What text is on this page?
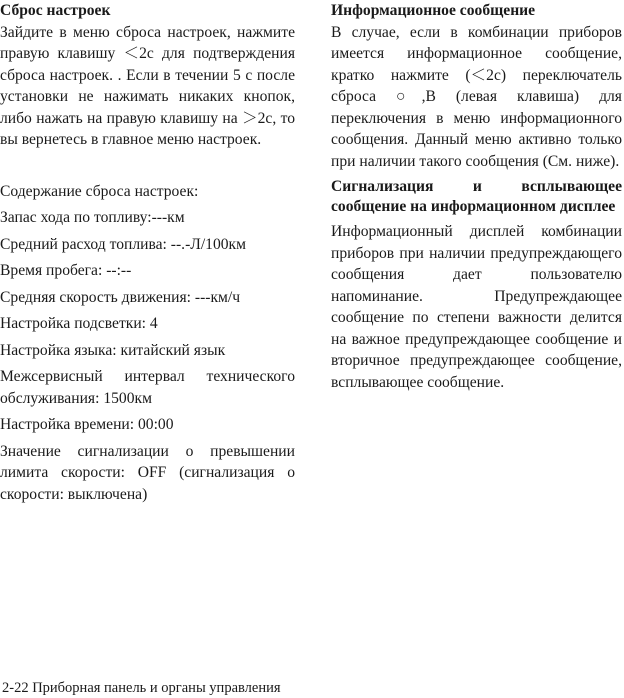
Сброс настроек

Зайдите в меню сброса настроек, нажмите правую клавишу ＜2с для подтверждения сброса настроек. . Если в течении 5 с после установки не нажимать никаких кнопок, либо нажать на правую клавишу на ＞2с, то вы вернетесь в главное меню настроек.

Содержание сброса настроек:

Запас хода по топливу:---км

Средний расход топлива: --.-Л/100км

Время пробега: --:--

Средняя скорость движения: ---км/ч

Настройка подсветки: 4

Настройка языка: китайский язык

Межсервисный интервал технического обслуживания: 1500км

Настройка времени: 00:00

Значение сигнализации о превышении лимита скорости: OFF (сигнализация о скорости: выключена)

Информационное сообщение

В случае, если в комбинации приборов имеется информационное сообщение, кратко нажмите (＜2с) переключатель сброса ○,B (левая клавиша) для переключения в меню информационного сообщения. Данный меню активно только при наличии такого сообщения (См. ниже).

Сигнализация и всплывающее сообщение на информационном дисплее

Информационный дисплей комбинации приборов при наличии предупреждающего сообщения дает пользователю напоминание. Предупреждающее сообщение по степени важности делится на важное предупреждающее сообщение и вторичное предупреждающее сообщение, всплывающее сообщение.

2-22 Приборная панель и органы управления
